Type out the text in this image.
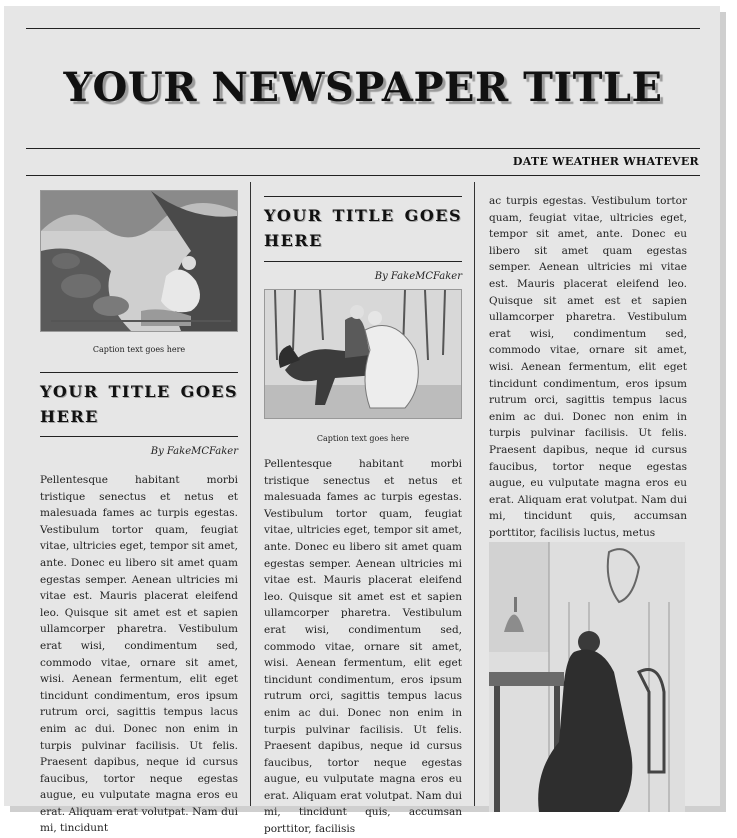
YOUR NEWSPAPER TITLE
DATE WEATHER WHATEVER
Caption text goes here
YOUR TITLE GOES HERE
By FakeMCFaker
Pellentesque habitant morbi tristique senectus et netus et malesuada fames ac turpis egestas. Vestibulum tortor quam, feugiat vitae, ultricies eget, tempor sit amet, ante. Donec eu libero sit amet quam egestas semper. Aenean ultricies mi vitae est. Mauris placerat eleifend leo. Quisque sit amet est et sapien ullamcorper pharetra. Vestibulum erat wisi, condimentum sed, commodo vitae, ornare sit amet, wisi. Aenean fermentum, elit eget tincidunt condimentum, eros ipsum rutrum orci, sagittis tempus lacus enim ac dui. Donec non enim in turpis pulvinar facilisis. Ut felis. Praesent dapibus, neque id cursus faucibus, tortor neque egestas augue, eu vulputate magna eros eu erat. Aliquam erat volutpat. Nam dui mi, tincidunt
YOUR TITLE GOES HERE
By FakeMCFaker
Caption text goes here
Pellentesque habitant morbi tristique senectus et netus et malesuada fames ac turpis egestas. Vestibulum tortor quam, feugiat vitae, ultricies eget, tempor sit amet, ante. Donec eu libero sit amet quam egestas semper. Aenean ultricies mi vitae est. Mauris placerat eleifend leo. Quisque sit amet est et sapien ullamcorper pharetra. Vestibulum erat wisi, condimentum sed, commodo vitae, ornare sit amet, wisi. Aenean fermentum, elit eget tincidunt condimentum, eros ipsum rutrum orci, sagittis tempus lacus enim ac dui. Donec non enim in turpis pulvinar facilisis. Ut felis. Praesent dapibus, neque id cursus faucibus, tortor neque egestas augue, eu vulputate magna eros eu erat. Aliquam erat volutpat. Nam dui mi, tincidunt quis, accumsan porttitor, facilisis
ac turpis egestas. Vestibulum tortor quam, feugiat vitae, ultricies eget, tempor sit amet, ante. Donec eu libero sit amet quam egestas semper. Aenean ultricies mi vitae est. Mauris placerat eleifend leo. Quisque sit amet est et sapien ullamcorper pharetra. Vestibulum erat wisi, condimentum sed, commodo vitae, ornare sit amet, wisi. Aenean fermentum, elit eget tincidunt condimentum, eros ipsum rutrum orci, sagittis tempus lacus enim ac dui. Donec non enim in turpis pulvinar facilisis. Ut felis. Praesent dapibus, neque id cursus faucibus, tortor neque egestas augue, eu vulputate magna eros eu erat. Aliquam erat volutpat. Nam dui mi, tincidunt quis, accumsan porttitor, facilisis luctus, metus
